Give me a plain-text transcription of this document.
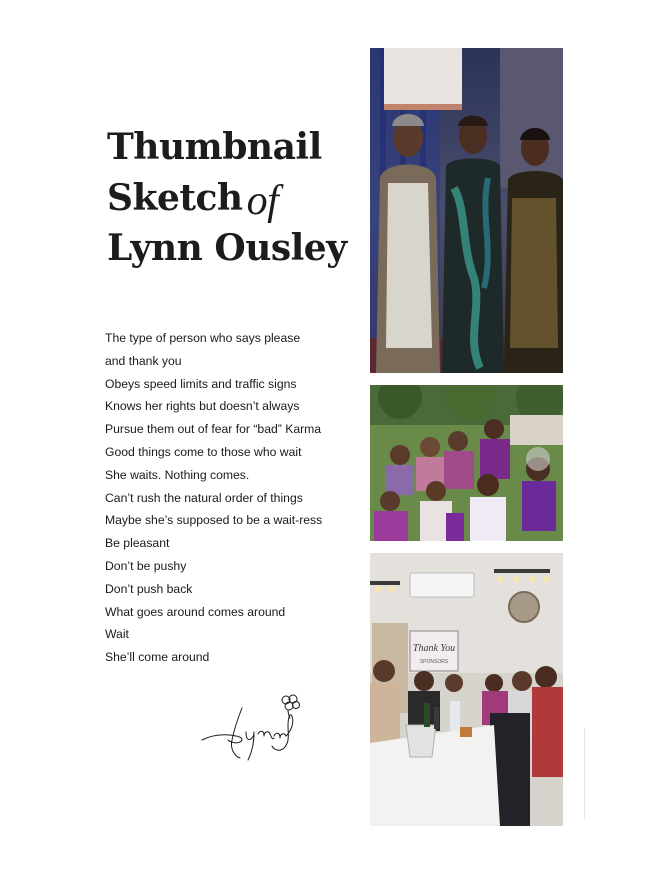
Thumbnail
Sketchof
Lynn Ousley
The type of person who says please
and thank you
Obeys speed limits and traffic signs
Knows her rights but doesn’t always
Pursue them out of fear for “bad” Karma
Good things come to those who wait
She waits. Nothing comes.
Can’t rush the natural order of things
Maybe she’s supposed to be a wait-ress
Be pleasant
Don’t be pushy
Don’t push back
What goes around comes around
Wait
She’ll come around
Thank You
SPONSORS
